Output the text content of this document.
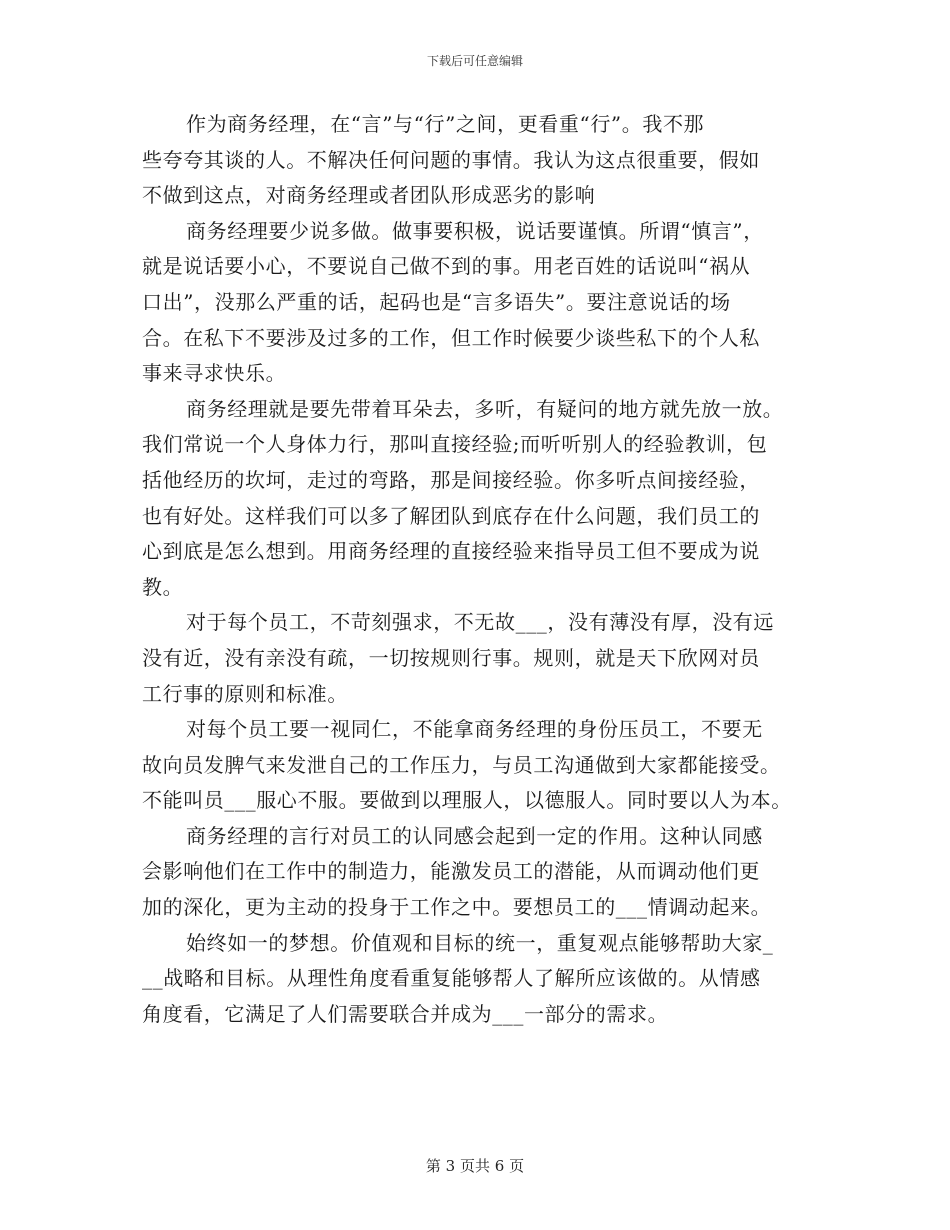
下载后可任意编辑
作为商务经理，在“言”与“行”之间，更看重“行”。我不那
些夸夸其谈的人。不解决任何问题的事情。我认为这点很重要，假如
不做到这点，对商务经理或者团队形成恶劣的影响
商务经理要少说多做。做事要积极，说话要谨慎。所谓“慎言”，
就是说话要小心，不要说自己做不到的事。用老百姓的话说叫“祸从
口出”，没那么严重的话，起码也是“言多语失”。要注意说话的场
合。在私下不要涉及过多的工作，但工作时候要少谈些私下的个人私
事来寻求快乐。
商务经理就是要先带着耳朵去，多听，有疑问的地方就先放一放。
我们常说一个人身体力行，那叫直接经验;而听听别人的经验教训，包
括他经历的坎坷，走过的弯路，那是间接经验。你多听点间接经验，
也有好处。这样我们可以多了解团队到底存在什么问题，我们员工的
心到底是怎么想到。用商务经理的直接经验来指导员工但不要成为说
教。
对于每个员工，不苛刻强求，不无故___，没有薄没有厚，没有远
没有近，没有亲没有疏，一切按规则行事。规则，就是天下欣网对员
工行事的原则和标准。
对每个员工要一视同仁，不能拿商务经理的身份压员工，不要无
故向员发脾气来发泄自己的工作压力，与员工沟通做到大家都能接受。
不能叫员___服心不服。要做到以理服人，以德服人。同时要以人为本。
商务经理的言行对员工的认同感会起到一定的作用。这种认同感
会影响他们在工作中的制造力，能激发员工的潜能，从而调动他们更
加的深化，更为主动的投身于工作之中。要想员工的___情调动起来。
始终如一的梦想。价值观和目标的统一，重复观点能够帮助大家_
__战略和目标。从理性角度看重复能够帮人了解所应该做的。从情感
角度看，它满足了人们需要联合并成为___一部分的需求。
第 3 页共 6 页
